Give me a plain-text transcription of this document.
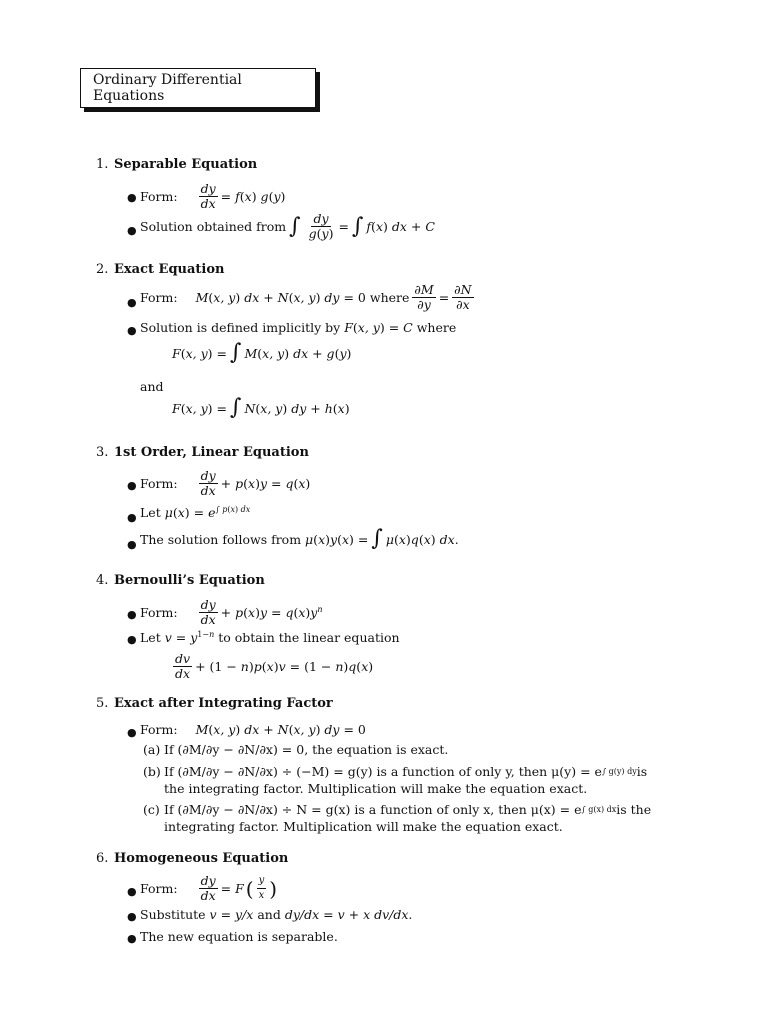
Ordinary Differential Equations
1. Separable Equation
● Form: $\frac{dy}{dx} = f(x)$ g(y)
● Solution obtained from ∫ $\frac{dy}{g(y)}$ = ∫ f(x) dx + C
2. Exact Equation
● Form: M(x, y) dx + N(x, y) dy = 0 where $\frac{\partial M}{\partial y} = \frac{\partial N}{\partial x}$
● Solution is defined implicitly by
F(x, y) = C where
F(x, y) = ∫ M(x, y) dx + g(y)
and
F(x, y) = ∫ N(x, y) dy + h(x)
3. 1st Order, Linear Equation
● Form: $\frac{dy}{dx} + p(x)y = q(x)$
● Let
$\mu(x) = e^{\int p(x) dx}$
● The solution follows from
μ(x)y(x) = ∫ μ(x)q(x) dx.
4. Bernoulli’s Equation
● Form: $\frac{dy}{dx} + p(x)y = q(x)y^n$
● Let
$v = y^{1-n}$ to obtain the linear equation
$\frac{dv}{dx} + (1 - n)p(x)v = (1 - n)q(x)$
5. Exact after Integrating Factor
● Form: M(x, y) dx + N(x, y) dy = 0
(a) If (∂M/∂y − ∂N/∂x) = 0, the equation is exact.
(b) If (∂M/∂y − ∂N/∂x) ÷ (−M) = g(y) is a function of only y, then μ(y) = e ∫ g(y) dy is
the integrating factor. Multiplication will make the equation exact.
(c) If (∂M/∂y − ∂N/∂x) ÷ N = g(x) is a function of only x, then μ(x) = e ∫ g(x) dx is the
integrating factor. Multiplication will make the equation exact.
6. Homogeneous Equation
● Form: $\frac{dy}{dx} = F$ ( $\frac{y}{x}$ )
● Substitute
v = y/x and
dy/dx = v + x dv/dx.
● The new equation is separable.
